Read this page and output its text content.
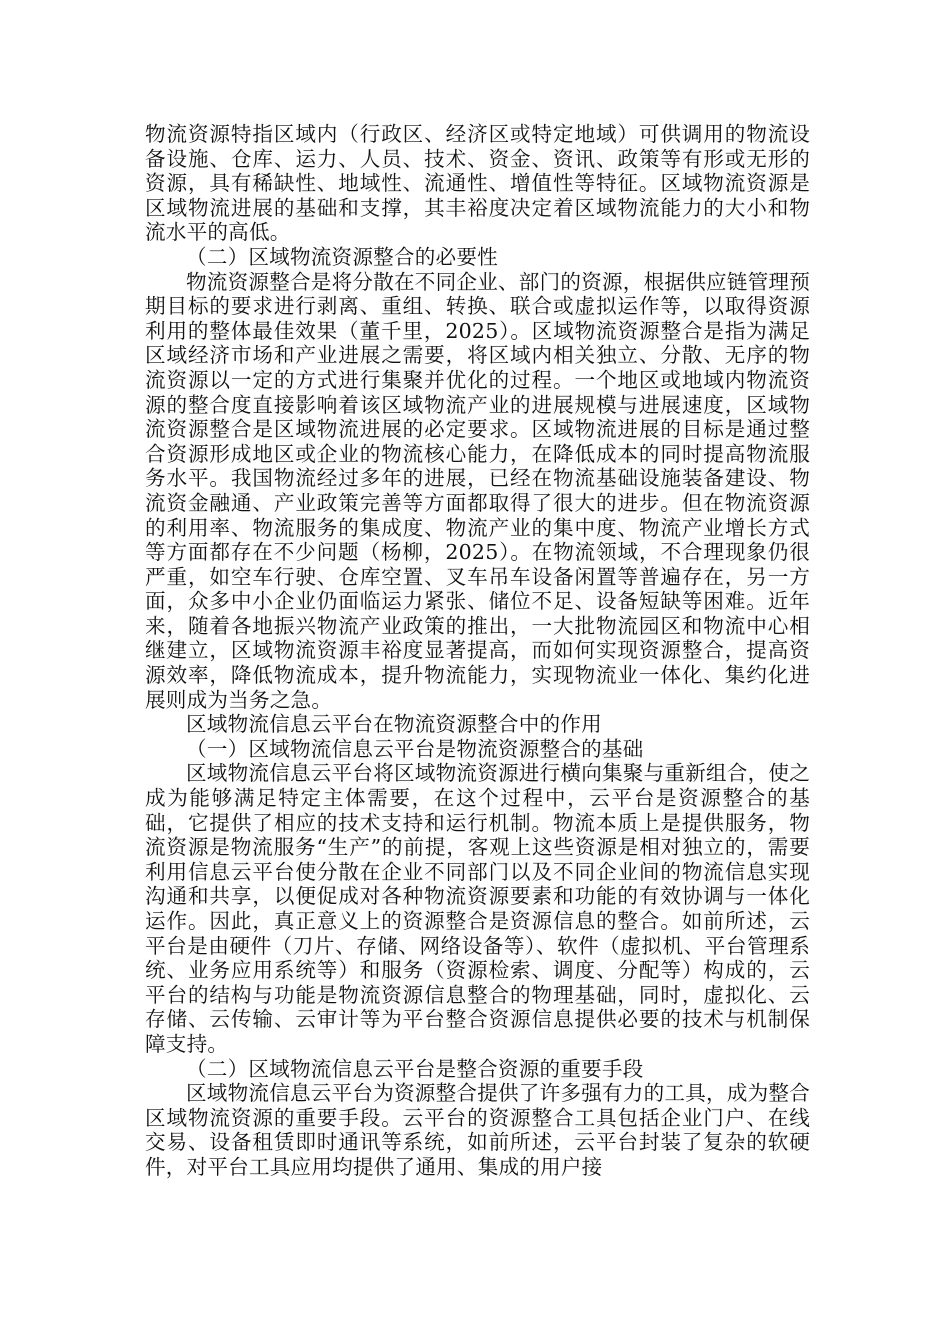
物流资源特指区域内（行政区、经济区或特定地域）可供调用的物流设备设施、仓库、运力、人员、技术、资金、资讯、政策等有形或无形的资源，具有稀缺性、地域性、流通性、增值性等特征。区域物流资源是区域物流进展的基础和支撑，其丰裕度决定着区域物流能力的大小和物流水平的高低。

（二）区域物流资源整合的必要性

物流资源整合是将分散在不同企业、部门的资源，根据供应链管理预期目标的要求进行剥离、重组、转换、联合或虚拟运作等，以取得资源利用的整体最佳效果（董千里，2025）。区域物流资源整合是指为满足区域经济市场和产业进展之需要，将区域内相关独立、分散、无序的物流资源以一定的方式进行集聚并优化的过程。一个地区或地域内物流资源的整合度直接影响着该区域物流产业的进展规模与进展速度，区域物流资源整合是区域物流进展的必定要求。区域物流进展的目标是通过整合资源形成地区或企业的物流核心能力，在降低成本的同时提高物流服务水平。我国物流经过多年的进展，已经在物流基础设施装备建设、物流资金融通、产业政策完善等方面都取得了很大的进步。但在物流资源的利用率、物流服务的集成度、物流产业的集中度、物流产业增长方式等方面都存在不少问题（杨柳，2025）。在物流领域，不合理现象仍很严重，如空车行驶、仓库空置、叉车吊车设备闲置等普遍存在，另一方面，众多中小企业仍面临运力紧张、储位不足、设备短缺等困难。近年来，随着各地振兴物流产业政策的推出，一大批物流园区和物流中心相继建立，区域物流资源丰裕度显著提高，而如何实现资源整合，提高资源效率，降低物流成本，提升物流能力，实现物流业一体化、集约化进展则成为当务之急。

区域物流信息云平台在物流资源整合中的作用

（一）区域物流信息云平台是物流资源整合的基础

区域物流信息云平台将区域物流资源进行横向集聚与重新组合，使之成为能够满足特定主体需要，在这个过程中，云平台是资源整合的基础，它提供了相应的技术支持和运行机制。物流本质上是提供服务，物流资源是物流服务“生产”的前提，客观上这些资源是相对独立的，需要利用信息云平台使分散在企业不同部门以及不同企业间的物流信息实现沟通和共享，以便促成对各种物流资源要素和功能的有效协调与一体化运作。因此，真正意义上的资源整合是资源信息的整合。如前所述，云平台是由硬件（刀片、存储、网络设备等）、软件（虚拟机、平台管理系统、业务应用系统等）和服务（资源检索、调度、分配等）构成的，云平台的结构与功能是物流资源信息整合的物理基础，同时，虚拟化、云存储、云传输、云审计等为平台整合资源信息提供必要的技术与机制保障支持。

（二）区域物流信息云平台是整合资源的重要手段

区域物流信息云平台为资源整合提供了许多强有力的工具，成为整合区域物流资源的重要手段。云平台的资源整合工具包括企业门户、在线交易、设备租赁即时通讯等系统，如前所述，云平台封装了复杂的软硬件，对平台工具应用均提供了通用、集成的用户接
